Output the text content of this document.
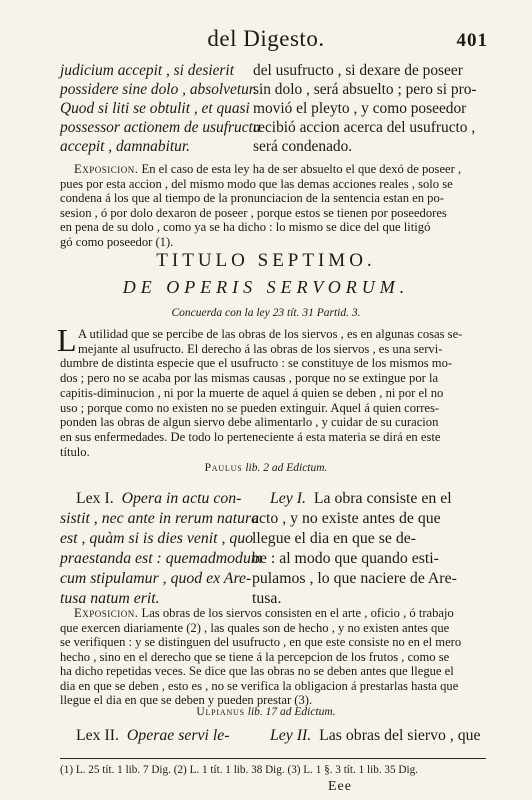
del Digesto.	401
judicium accepit , si desierit
possidere sine dolo , absolvetur.
Quod si liti se obtulit , et quasi
possessor actionem de usufructu
accepit , damnabitur.
del usufructo , si dexare de poseer
sin dolo , será absuelto ; pero si pro-
movió el pleyto , y como poseedor
recibió accion acerca del usufructo ,
será condenado.
Exposicion. En el caso de esta ley ha de ser absuelto el que dexó de poseer ,
pues por esta accion , del mismo modo que las demas acciones reales , solo se
condena á los que al tiempo de la pronunciacion de la sentencia estan en po-
sesion , ó por dolo dexaron de poseer , porque estos se tienen por poseedores
en pena de su dolo , como ya se ha dicho : lo mismo se dice del que litigó
gó como poseedor (1).
TITULO SEPTIMO.
DE OPERIS SERVORUM.
Concuerda con la ley 23 tít. 31 Partid. 3.
L A utilidad que se percibe de las obras de los siervos , es en algunas cosas se-
mejante al usufructo. El derecho á las obras de los siervos , es una servi-
dumbre de distinta especie que el usufructo : se constituye de los mismos mo-
dos ; pero no se acaba por las mismas causas , porque no se extingue por la
capitis-diminucion , ni por la muerte de aquel á quien se deben , ni por el no
uso ; porque como no existen no se pueden extinguir. Aquel á quien corres-
ponden las obras de algun siervo debe alimentarlo , y cuidar de su curacion
en sus enfermedades. De todo lo perteneciente á esta materia se dirá en este
título.
Paulus lib. 2 ad Edictum.
Lex I. Opera in actu con-
sistit , nec ante in rerum natura
est , quàm si is dies venit , quo
praestanda est : quemadmodum
cum stipulamur , quod ex Are-
tusa natum erit.
Ley I. La obra consiste en el
acto , y no existe antes de que
llegue el dia en que se de-
be : al modo que quando esti-
pulamos , lo que naciere de Are-
tusa.
Exposicion. Las obras de los siervos consisten en el arte , oficio , ó trabajo
que exercen diariamente (2) , las quales son de hecho , y no existen antes que
se verifiquen : y se distinguen del usufructo , en que este consiste no en el mero
hecho , sino en el derecho que se tiene á la percepcion de los frutos , como se
ha dicho repetidas veces. Se dice que las obras no se deben antes que llegue el
dia en que se deben , esto es , no se verifica la obligacion á prestarlas hasta que
llegue el dia en que se deben y pueden prestar (3).
Ulpianus lib. 17 ad Edictum.
Lex II. Operae servi le-	Ley II. Las obras del siervo , que
(1) L. 25 tít. 1 lib. 7 Dig. (2) L. 1 tít. 1 lib. 38 Dig. (3) L. 1 §. 3 tít. 1 lib. 35 Dig.
Eee
